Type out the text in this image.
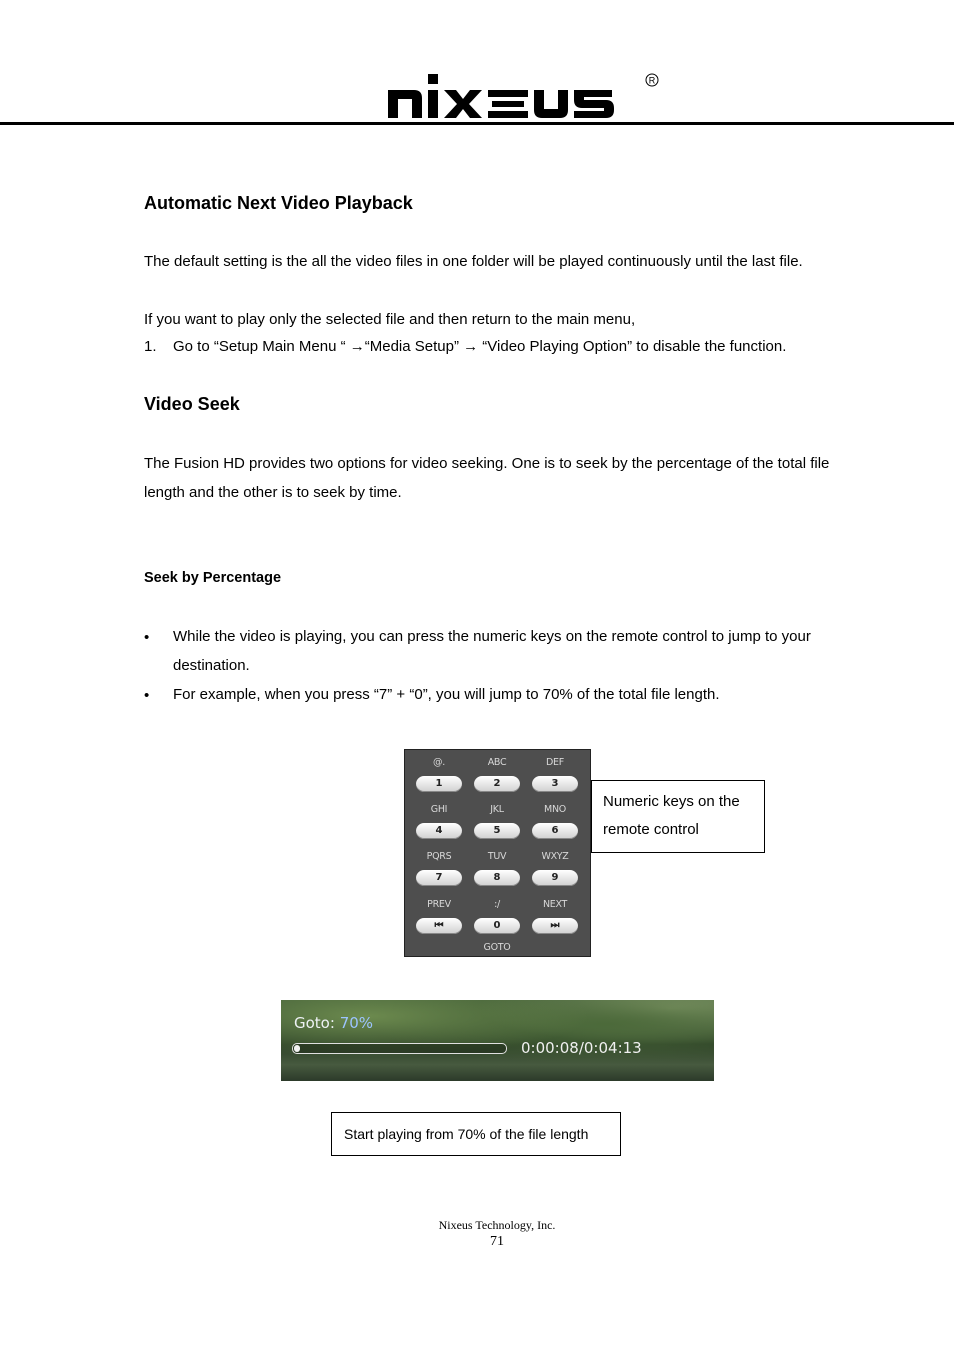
R
Automatic Next Video Playback
The default setting is the all the video files in one folder will be played continuously until the last file.
If you want to play only the selected file and then return to the main menu,
1.	Go to “Setup Main Menu “ →“Media Setup” → “Video Playing Option” to disable the function.
Video Seek
The Fusion HD provides two options for video seeking. One is to seek by the percentage of the total file length and the other is to seek by time.
Seek by Percentage
• While the video is playing, you can press the numeric keys on the remote control to jump to your destination.
• For example, when you press “7” + “0”, you will jump to 70% of the total file length.
@.	ABC	DEF
1	2	3
GHI	JKL	MNO
4	5	6
PQRS	TUV	WXYZ
7	8	9
PREV	:/	NEXT
⏮	0	⏭
GOTO
Numeric keys on the remote control
Goto: 70%
0:00:08/0:04:13
Start playing from 70% of the file length
Nixeus Technology, Inc.
71
